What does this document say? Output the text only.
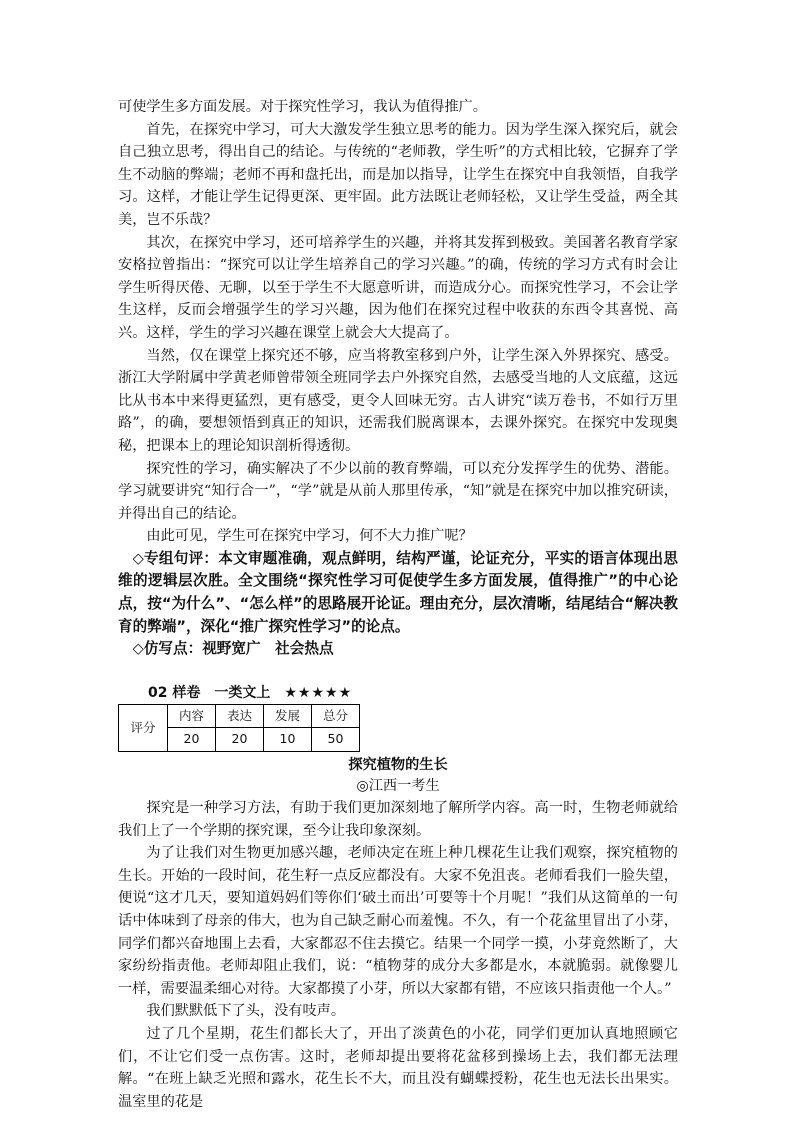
可使学生多方面发展。对于探究性学习，我认为值得推广。

首先，在探究中学习，可大大激发学生独立思考的能力。因为学生深入探究后，就会自己独立思考，得出自己的结论。与传统的“老师教，学生听”的方式相比较，它摒弃了学生不动脑的弊端；老师不再和盘托出，而是加以指导，让学生在探究中自我领悟，自我学习。这样，才能让学生记得更深、更牢固。此方法既让老师轻松，又让学生受益，两全其美，岂不乐哉？

其次，在探究中学习，还可培养学生的兴趣，并将其发挥到极致。美国著名教育学家安格拉曾指出：“探究可以让学生培养自己的学习兴趣。”的确，传统的学习方式有时会让学生听得厌倦、无聊，以至于学生不大愿意听讲，而造成分心。而探究性学习，不会让学生这样，反而会增强学生的学习兴趣，因为他们在探究过程中收获的东西令其喜悦、高兴。这样，学生的学习兴趣在课堂上就会大大提高了。

当然，仅在课堂上探究还不够，应当将教室移到户外，让学生深入外界探究、感受。浙江大学附属中学黄老师曾带领全班同学去户外探究自然，去感受当地的人文底蕴，这远比从书本中来得更猛烈，更有感受，更令人回味无穷。古人讲究“读万卷书，不如行万里路”，的确，要想领悟到真正的知识，还需我们脱离课本，去课外探究。在探究中发现奥秘，把课本上的理论知识剖析得透彻。

探究性的学习，确实解决了不少以前的教育弊端，可以充分发挥学生的优势、潜能。学习就要讲究“知行合一”，“学”就是从前人那里传承，“知”就是在探究中加以推究研读，并得出自己的结论。

由此可见，学生可在探究中学习，何不大力推广呢？

◇专组句评：本文审题准确，观点鲜明，结构严谨，论证充分，平实的语言体现出思维的逻辑层次胜。全文围绕“探究性学习可促使学生多方面发展，值得推广”的中心论点，按“为什么”、“怎么样”的思路展开论证。理由充分，层次清晰，结尾结合“解决教育的弊端”，深化“推广探究性学习”的论点。

◇仿写点：视野宽广　社会热点

02 样卷　一类文上 ★★★★★
评分	内容	表达	发展	总分
	20	20	10	50
探究植物的生长
◎江西一考生

探究是一种学习方法，有助于我们更加深刻地了解所学内容。高一时，生物老师就给我们上了一个学期的探究课，至今让我印象深刻。

为了让我们对生物更加感兴趣，老师决定在班上种几棵花生让我们观察，探究植物的生长。开始的一段时间，花生籽一点反应都没有。大家不免沮丧。老师看我们一脸失望，便说“这才几天，要知道妈妈们等你们‘破土而出’可要等十个月呢！”我们从这简单的一句话中体味到了母亲的伟大，也为自己缺乏耐心而羞愧。不久，有一个花盆里冒出了小芽，同学们都兴奋地围上去看，大家都忍不住去摸它。结果一个同学一摸，小芽竟然断了，大家纷纷指责他。老师却阻止我们，说：“植物芽的成分大多都是水，本就脆弱。就像婴儿一样，需要温柔细心对待。大家都摸了小芽，所以大家都有错，不应该只指责他一个人。”

我们默默低下了头，没有吱声。

过了几个星期，花生们都长大了，开出了淡黄色的小花，同学们更加认真地照顾它们，不让它们受一点伤害。这时，老师却提出要将花盆移到操场上去，我们都无法理解。“在班上缺乏光照和露水，花生长不大，而且没有蝴蝶授粉，花生也无法长出果实。温室里的花是
